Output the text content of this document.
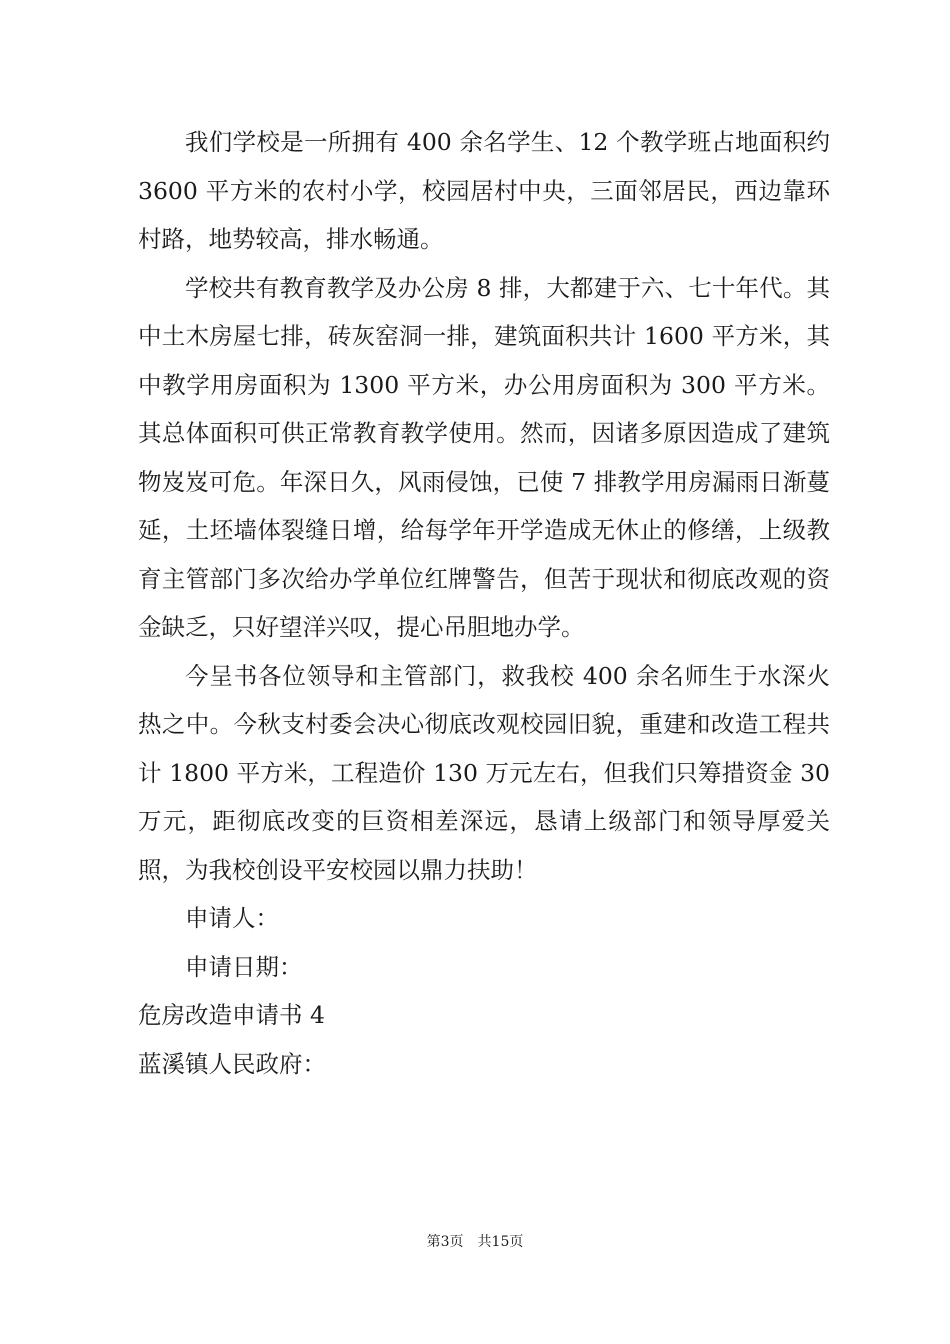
我们学校是一所拥有 400 余名学生、12 个教学班占地面积约 3600 平方米的农村小学，校园居村中央，三面邻居民，西边靠环村路，地势较高，排水畅通。

学校共有教育教学及办公房 8 排，大都建于六、七十年代。其中土木房屋七排，砖灰窑洞一排，建筑面积共计 1600 平方米，其中教学用房面积为 1300 平方米，办公用房面积为 300 平方米。其总体面积可供正常教育教学使用。然而，因诸多原因造成了建筑物岌岌可危。年深日久，风雨侵蚀，已使 7 排教学用房漏雨日渐蔓延，土坯墙体裂缝日增，给每学年开学造成无休止的修缮，上级教育主管部门多次给办学单位红牌警告，但苦于现状和彻底改观的资金缺乏，只好望洋兴叹，提心吊胆地办学。

今呈书各位领导和主管部门，救我校 400 余名师生于水深火热之中。今秋支村委会决心彻底改观校园旧貌，重建和改造工程共计 1800 平方米，工程造价 130 万元左右，但我们只筹措资金 30 万元，距彻底改变的巨资相差深远，恳请上级部门和领导厚爱关照，为我校创设平安校园以鼎力扶助！

申请人：

申请日期：

危房改造申请书 4

蓝溪镇人民政府：

第3页 共15页
